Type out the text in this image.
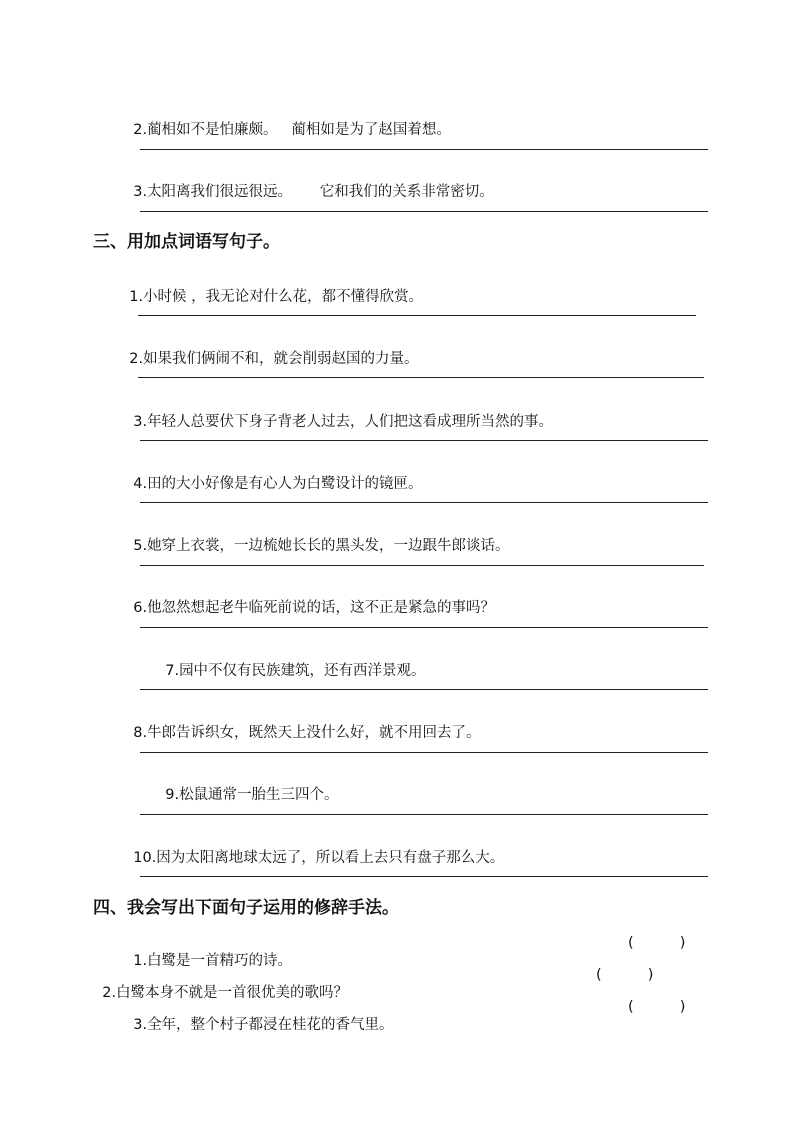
2.蔺相如不是怕廉颇。   蔺相如是为了赵国着想。

3.太阳离我们很远很远。      它和我们的关系非常密切。

三、用加点词语写句子。

1.小时候 ，我无论对什么花，都不懂得欣赏。

2.如果我们俩闹不和，就会削弱赵国的力量。

3.年轻人总要伏下身子背老人过去，人们把这看成理所当然的事。

4.田的大小好像是有心人为白鹭设计的镜匣。

5.她穿上衣裳，一边梳她长长的黑头发，一边跟牛郎谈话。

6.他忽然想起老牛临死前说的话，这不正是紧急的事吗？

7.园中不仅有民族建筑，还有西洋景观。

8.牛郎告诉织女，既然天上没什么好，就不用回去了。

9.松鼠通常一胎生三四个。

10.因为太阳离地球太远了，所以看上去只有盘子那么大。

四、我会写出下面句子运用的修辞手法。

1.白鹭是一首精巧的诗。

(          )

2.白鹭本身不就是一首很优美的歌吗？

(          )

3.全年，整个村子都浸在桂花的香气里。

(          )
